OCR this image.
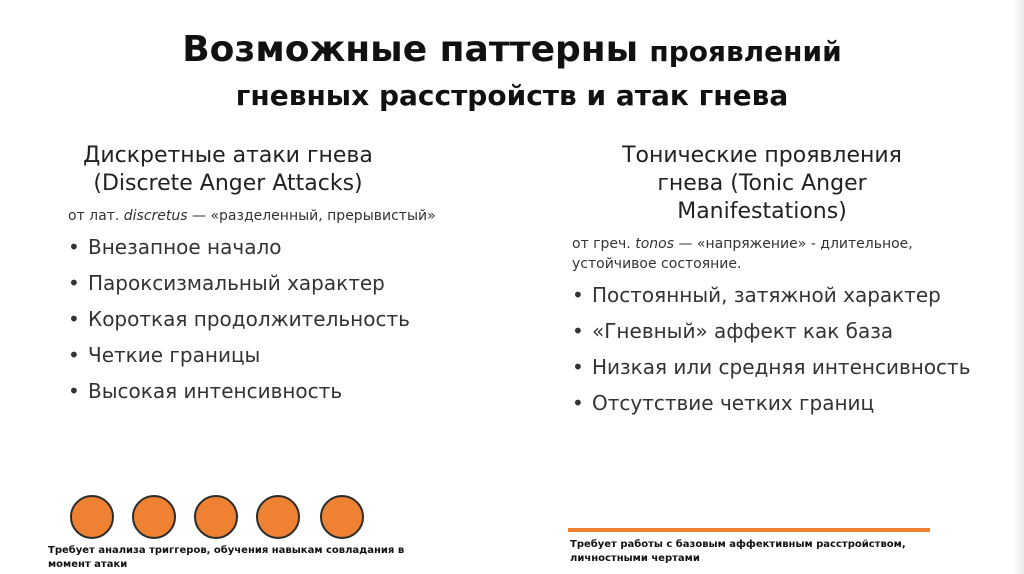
Возможные паттерны проявлений
гневных расстройств и атак гнева
Дискретные атаки гнева
(Discrete Anger Attacks)
от лат. discretus — «разделенный, прерывистый»
• Внезапное начало
• Пароксизмальный характер
• Короткая продолжительность
• Четкие границы
• Высокая интенсивность
Требует анализа триггеров, обучения навыкам совладания в момент атаки
Тонические проявления
гнева (Tonic Anger
Manifestations)
от греч. tonos — «напряжение» - длительное, устойчивое состояние.
• Постоянный, затяжной характер
• «Гневный» аффект как база
• Низкая или средняя интенсивность
• Отсутствие четких границ
Требует работы с базовым аффективным расстройством, личностными чертами
